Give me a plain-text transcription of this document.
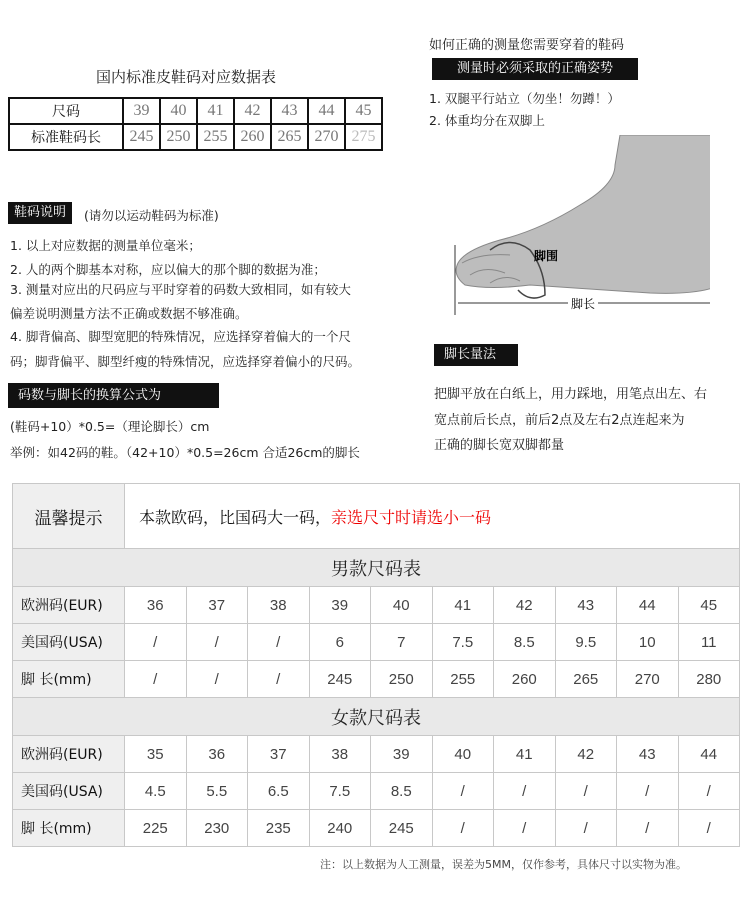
国内标准皮鞋码对应数据表
尺码	39	40	41	42	43	44	45
标准鞋码长	245	250	255	260	265	270	275
鞋码说明	(请勿以运动鞋码为标准)
1. 以上对应数据的测量单位毫米；
2. 人的两个脚基本对称，应以偏大的那个脚的数据为准；
3. 测量对应出的尺码应与平时穿着的码数大致相同，如有较大
偏差说明测量方法不正确或数据不够准确。
4. 脚背偏高、脚型宽肥的特殊情况，应选择穿着偏大的一个尺
码；脚背偏平、脚型纤瘦的特殊情况，应选择穿着偏小的尺码。
码数与脚长的换算公式为
(鞋码+10）*0.5=（理论脚长）cm
举例：如42码的鞋。（42+10）*0.5=26cm 合适26cm的脚长
如何正确的测量您需要穿着的鞋码
测量时必须采取的正确姿势
1. 双腿平行站立（勿坐！勿蹲！）
2. 体重均分在双脚上
脚长
脚围
脚长量法
把脚平放在白纸上，用力踩地，用笔点出左、右
宽点前后长点，前后2点及左右2点连起来为
正确的脚长宽双脚都量
温馨提示	本款欧码，比国码大一码，亲选尺寸时请选小一码									
男款尺码表										
欧洲码(EUR)	36	37	38	39	40	41	42	43	44	45
美国码(USA)	/	/	/	6	7	7.5	8.5	9.5	10	11
脚 长(mm)	/	/	/	245	250	255	260	265	270	280
女款尺码表										
欧洲码(EUR)	35	36	37	38	39	40	41	42	43	44
美国码(USA)	4.5	5.5	6.5	7.5	8.5	/	/	/	/	/
脚 长(mm)	225	230	235	240	245	/	/	/	/	/
注：以上数据为人工测量，误差为5MM，仅作参考，具体尺寸以实物为准。
